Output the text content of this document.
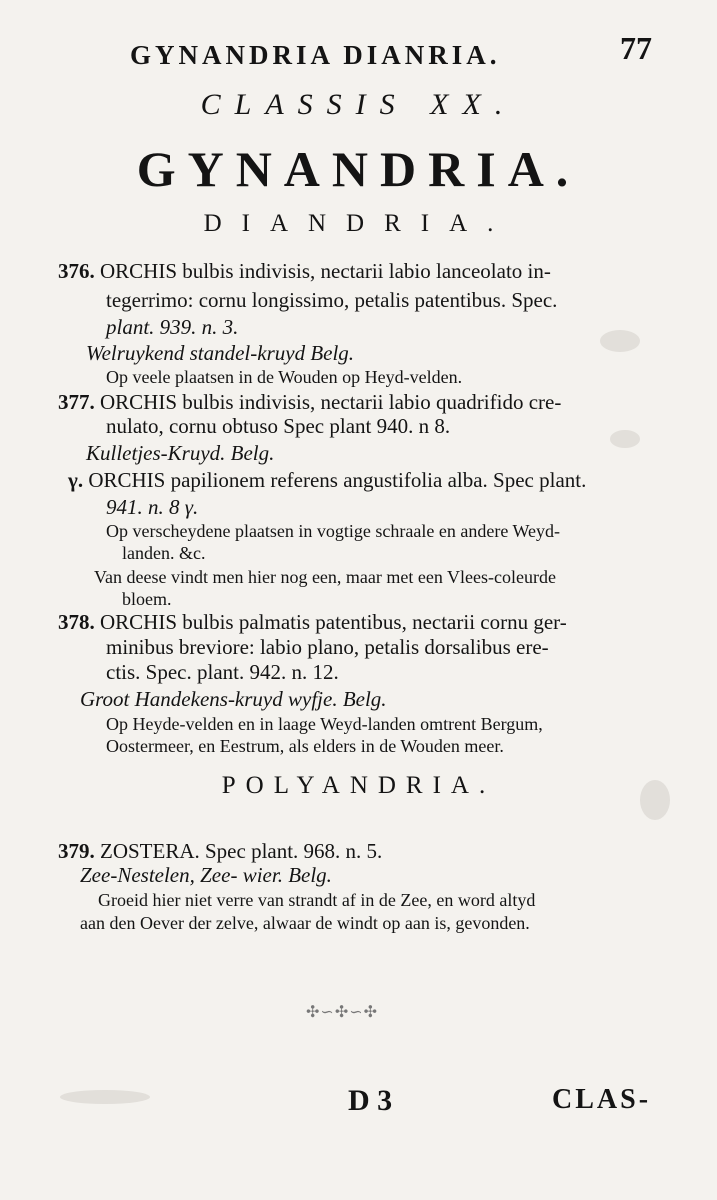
GYNANDRIA DIANRIA.	77
CLASSIS XX.
GYNANDRIA.
DIANDRIA.
376. ORCHIS bulbis indivisis, nectarii labio lanceolato in-
tegerrimo: cornu longissimo, petalis patentibus. Spec.
plant. 939. n. 3.
Welruykend standel-kruyd Belg.
Op veele plaatsen in de Wouden op Heyd-velden.
377. ORCHIS bulbis indivisis, nectarii labio quadrifido cre-
nulato, cornu obtuso Spec plant 940. n 8.
Kulletjes-Kruyd. Belg.
γ. ORCHIS papilionem referens angustifolia alba. Spec plant.
941. n. 8 γ.
Op verscheydene plaatsen in vogtige schraale en andere Weyd-
landen. &c.
Van deese vindt men hier nog een, maar met een Vlees-coleurde
bloem.
378. ORCHIS bulbis palmatis patentibus, nectarii cornu ger-
minibus breviore: labio plano, petalis dorsalibus ere-
ctis. Spec. plant. 942. n. 12.
Groot Handekens-kruyd wyfje. Belg.
Op Heyde-velden en in laage Weyd-landen omtrent Bergum,
Oostermeer, en Eestrum, als elders in de Wouden meer.
POLYANDRIA.
379. ZOSTERA. Spec plant. 968. n. 5.
Zee-Nestelen, Zee- wier. Belg.
Groeid hier niet verre van strandt af in de Zee, en word altyd
aan den Oever der zelve, alwaar de windt op aan is, gevonden.
✣∽✣∽✣
D 3	CLAS-
